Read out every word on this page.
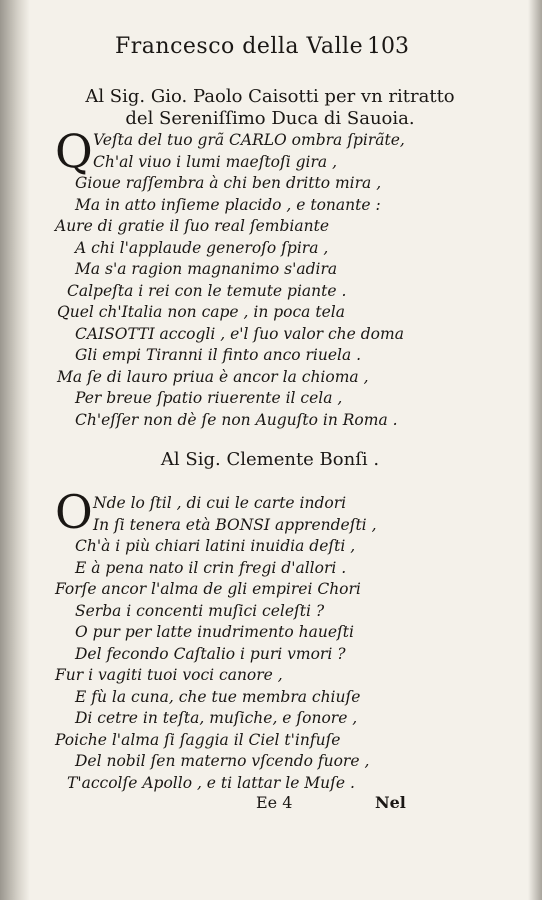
Francesco della Valle .
103
Al Sig. Gio. Paolo Caisotti per vn ritratto
del Sereniſſimo Duca di Sauoia.
Q Veſta del tuo grã CARLO ombra ſpirãte,
Ch'al viuo i lumi maeſtoſi gira ,
Gioue raſſembra à chi ben dritto mira ,
Ma in atto inſieme placido , e tonante :
Aure di gratie il ſuo real ſembiante
A chi l'applaude generoſo ſpira ,
Ma s'a ragion magnanimo s'adira
Calpeſta i rei con le temute piante .
Quel ch'Italia non cape , in poca tela
CAISOTTI accogli , e'l ſuo valor che doma
Gli empi Tiranni il finto anco riuela .
Ma ſe di lauro priua è ancor la chioma ,
Per breue ſpatio riuerente il cela ,
Ch'eſſer non dè ſe non Auguſto in Roma .
Al Sig. Clemente Bonſi .
O Nde lo ſtil , di cui le carte indori
In ſi tenera età BONSI apprendeſti ,
Ch'à i più chiari latini inuidia deſti ,
E à pena nato il crin fregi d'allori .
Forſe ancor l'alma de gli empirei Chori
Serba i concenti muſici celeſti ?
O pur per latte inudrimento haueſti
Del fecondo Caſtalio i puri vmori ?
Fur i vagiti tuoi voci canore ,
E fù la cuna, che tue membra chiuſe
Di cetre in teſta, muſiche, e ſonore ,
Poiche l'alma ſi ſaggia il Ciel t'infuſe
Del nobil ſen materno vſcendo fuore ,
T'accolſe Apollo , e ti lattar le Muſe .
Ee 4	Nel
